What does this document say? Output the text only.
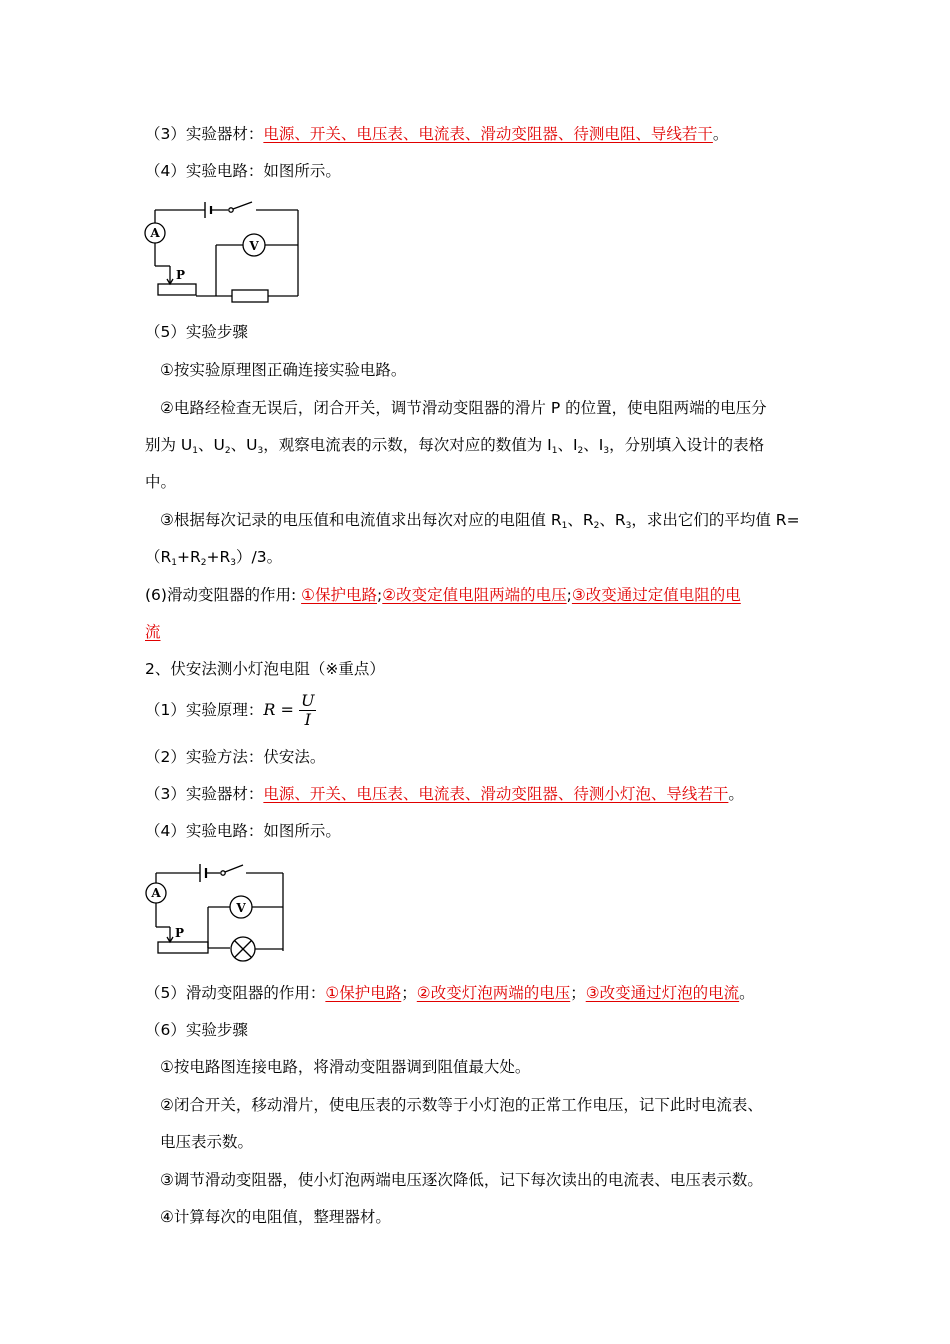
（3）实验器材：电源、开关、电压表、电流表、滑动变阻器、待测电阻、导线若干。
（4）实验电路：如图所示。
A
V
P
（5）实验步骤
①按实验原理图正确连接实验电路。
②电路经检查无误后，闭合开关，调节滑动变阻器的滑片 P 的位置，使电阻两端的电压分
别为 $U_1$、$U_2$、$U_3$，观察电流表的示数，每次对应的数值为 $I_1$、$I_2$、$I_3$，分别填入设计的表格
中。
③根据每次记录的电压值和电流值求出每次对应的电阻值 $R_1$、$R_2$、$R_3$，求出它们的平均值 R=
$(R_1+R_2+R_3)/3$。
(6)滑动变阻器的作用: ①保护电路;②改变定值电阻两端的电压;③改变通过定值电阻的电
流
2、伏安法测小灯泡电阻（※重点）
（1）实验原理：$R = \frac{U}{I}$
（2）实验方法：伏安法。
（3）实验器材：电源、开关、电压表、电流表、滑动变阻器、待测小灯泡、导线若干。
（4）实验电路：如图所示。
A
V
P
（5）滑动变阻器的作用：①保护电路；②改变灯泡两端的电压；③改变通过灯泡的电流。
（6）实验步骤
①按电路图连接电路，将滑动变阻器调到阻值最大处。
②闭合开关，移动滑片，使电压表的示数等于小灯泡的正常工作电压，记下此时电流表、
电压表示数。
③调节滑动变阻器，使小灯泡两端电压逐次降低，记下每次读出的电流表、电压表示数。
④计算每次的电阻值，整理器材。
